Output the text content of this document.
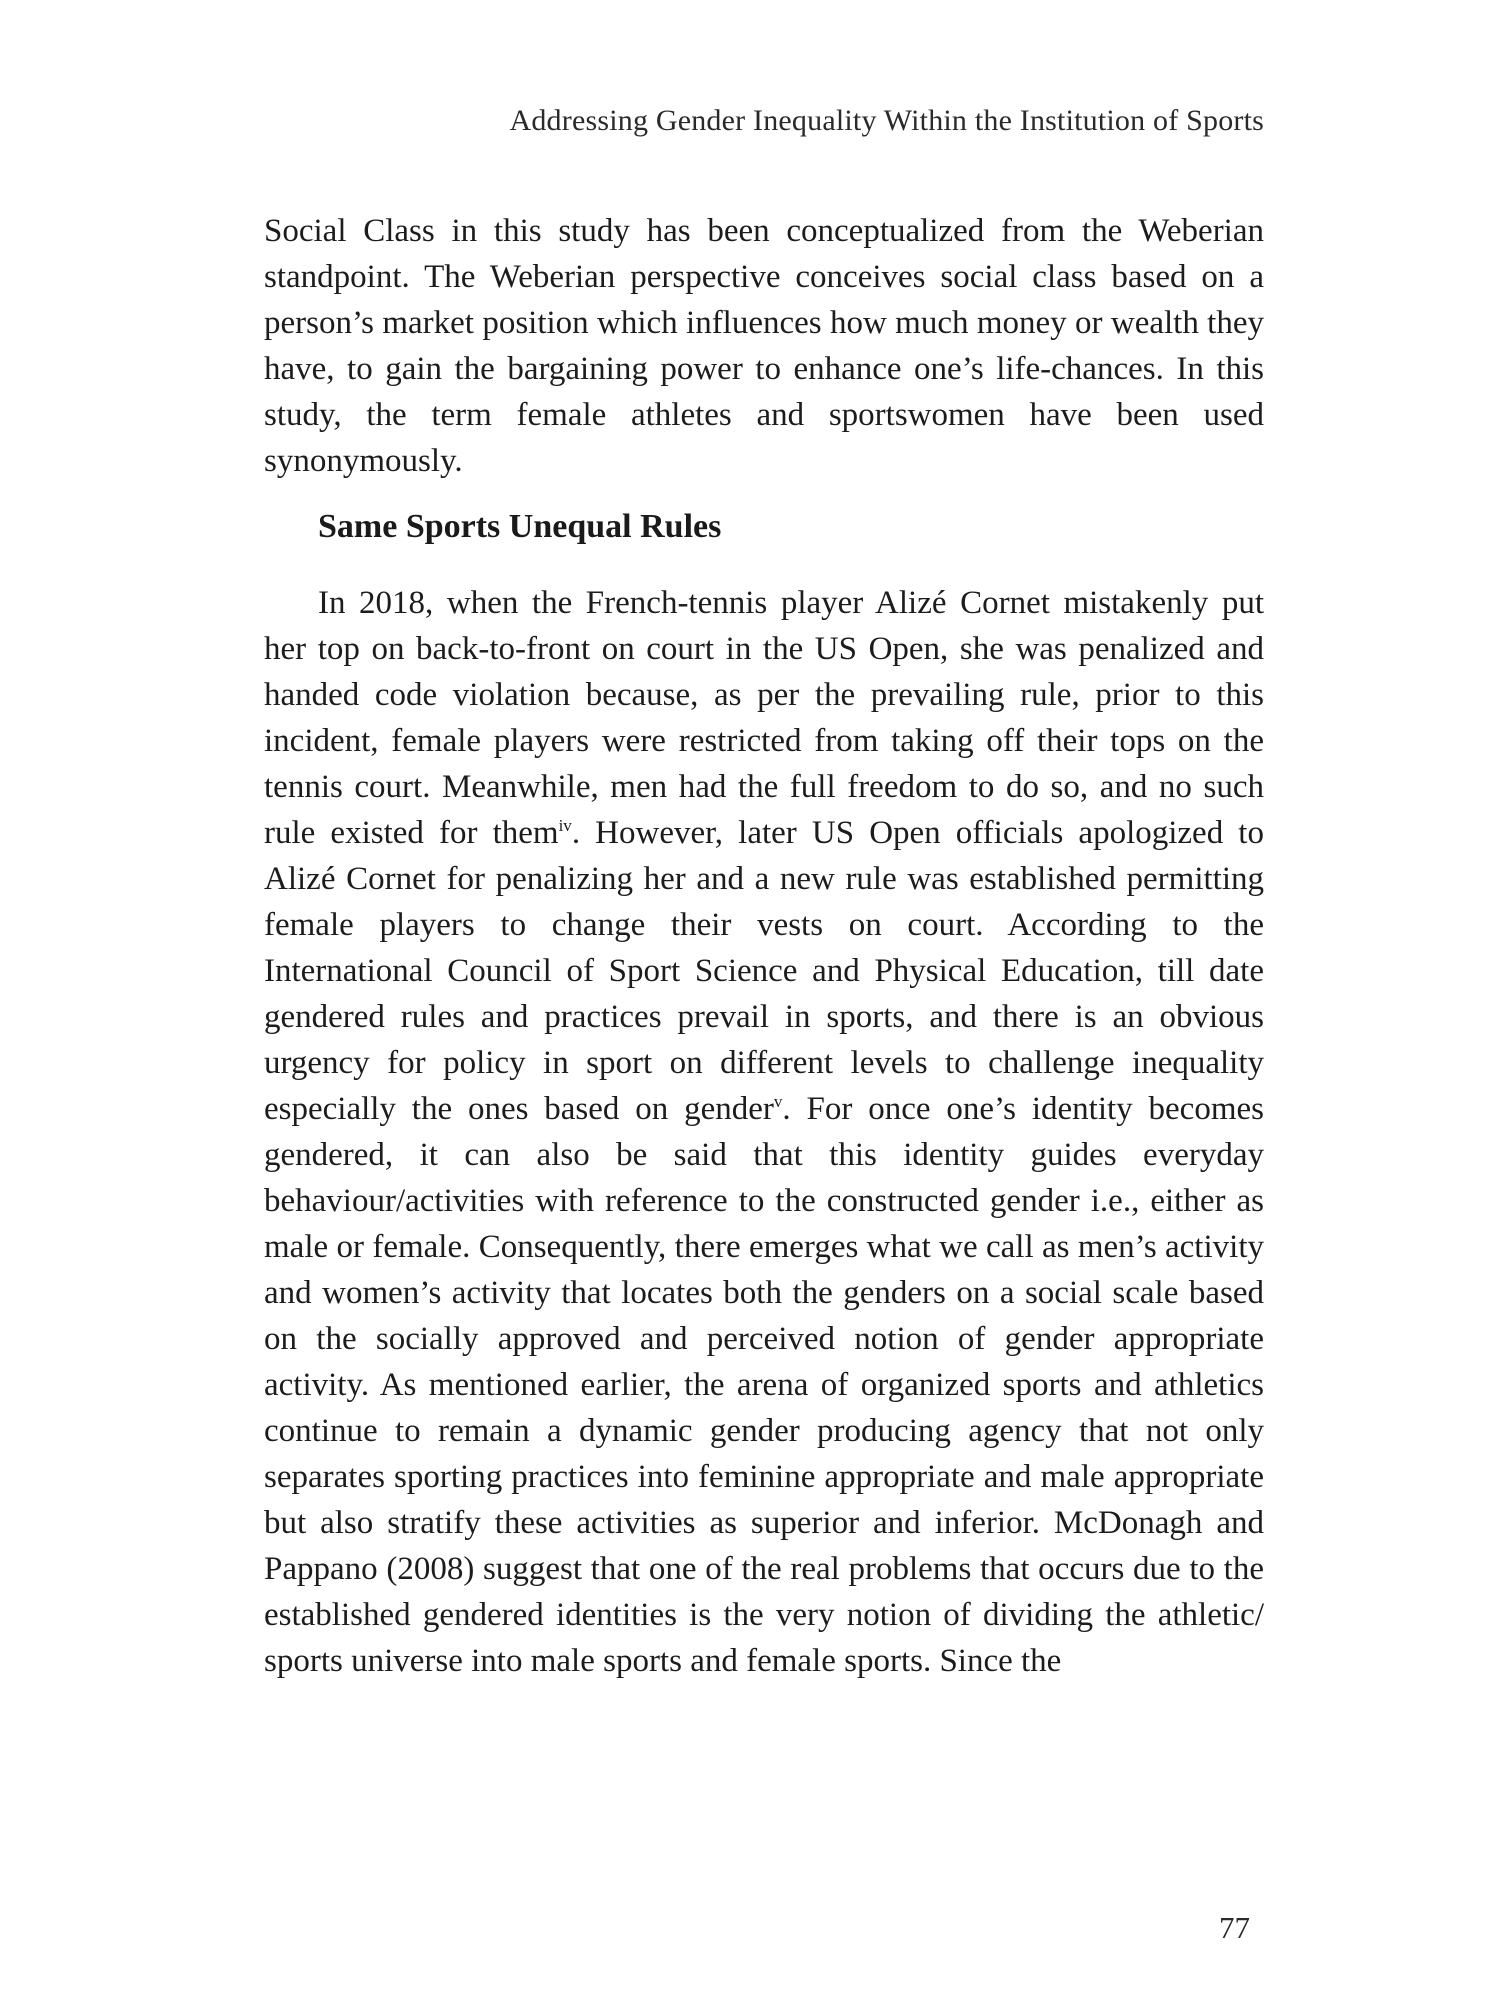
Addressing Gender Inequality Within the Institution of Sports

Social Class in this study has been conceptualized from the Weberian standpoint. The Weberian perspective conceives social class based on a person’s market position which influences how much money or wealth they have, to gain the bargaining power to enhance one’s life-chances. In this study, the term female athletes and sportswomen have been used synonymously.

Same Sports Unequal Rules

In 2018, when the French-tennis player Alizé Cornet mistakenly put her top on back-to-front on court in the US Open, she was penalized and handed code violation because, as per the prevailing rule, prior to this incident, female players were restricted from taking off their tops on the tennis court. Meanwhile, men had the full freedom to do so, and no such rule existed for them$^{iv}$. However, later US Open officials apologized to Alizé Cornet for penalizing her and a new rule was established permitting female players to change their vests on court. According to the International Council of Sport Science and Physical Education, till date gendered rules and practices prevail in sports, and there is an obvious urgency for policy in sport on different levels to challenge inequality especially the ones based on gender$^v$. For once one’s identity becomes gendered, it can also be said that this identity guides everyday behaviour/activities with reference to the constructed gender i.e., either as male or female. Consequently, there emerges what we call as men’s activity and women’s activity that locates both the genders on a social scale based on the socially approved and perceived notion of gender appropriate activity. As mentioned earlier, the arena of organized sports and athletics continue to remain a dynamic gender producing agency that not only separates sporting practices into feminine appropriate and male appropriate but also stratify these activities as superior and inferior. McDonagh and Pappano (2008) suggest that one of the real problems that occurs due to the established gendered identities is the very notion of dividing the athletic/ sports universe into male sports and female sports. Since the

77
